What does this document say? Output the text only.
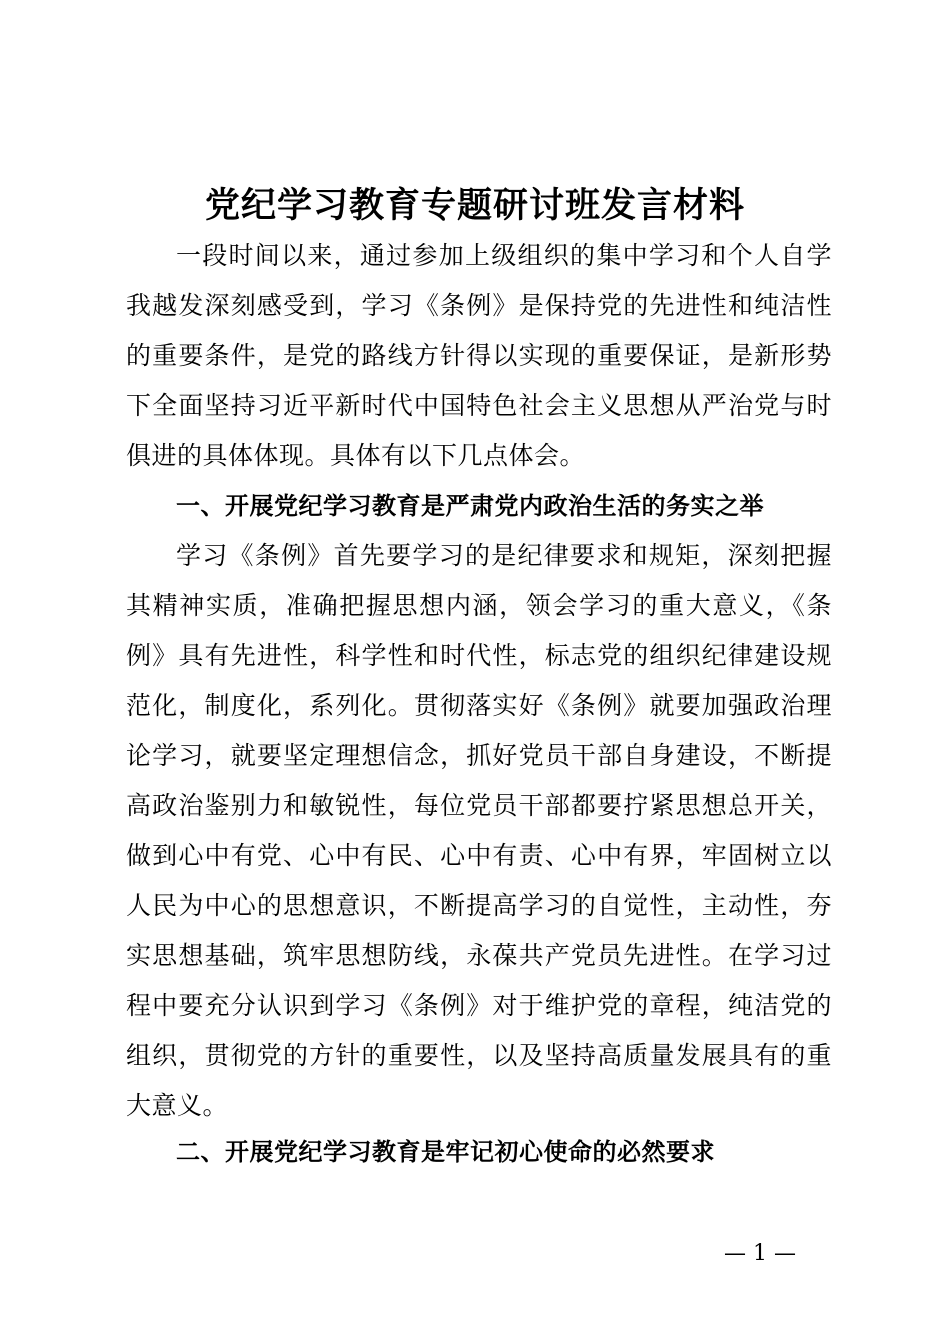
党纪学习教育专题研讨班发言材料

一段时间以来，通过参加上级组织的集中学习和个人自学我越发深刻感受到，学习《条例》是保持党的先进性和纯洁性的重要条件，是党的路线方针得以实现的重要保证，是新形势下全面坚持习近平新时代中国特色社会主义思想从严治党与时俱进的具体体现。具体有以下几点体会。

一、开展党纪学习教育是严肃党内政治生活的务实之举

学习《条例》首先要学习的是纪律要求和规矩，深刻把握其精神实质，准确把握思想内涵，领会学习的重大意义，《条例》具有先进性，科学性和时代性，标志党的组织纪律建设规范化，制度化，系列化。贯彻落实好《条例》就要加强政治理论学习，就要坚定理想信念，抓好党员干部自身建设，不断提高政治鉴别力和敏锐性，每位党员干部都要拧紧思想总开关，做到心中有党、心中有民、心中有责、心中有界，牢固树立以人民为中心的思想意识，不断提高学习的自觉性，主动性，夯实思想基础，筑牢思想防线，永葆共产党员先进性。在学习过程中要充分认识到学习《条例》对于维护党的章程，纯洁党的组织，贯彻党的方针的重要性，以及坚持高质量发展具有的重大意义。

二、开展党纪学习教育是牢记初心使命的必然要求
— 1 —
